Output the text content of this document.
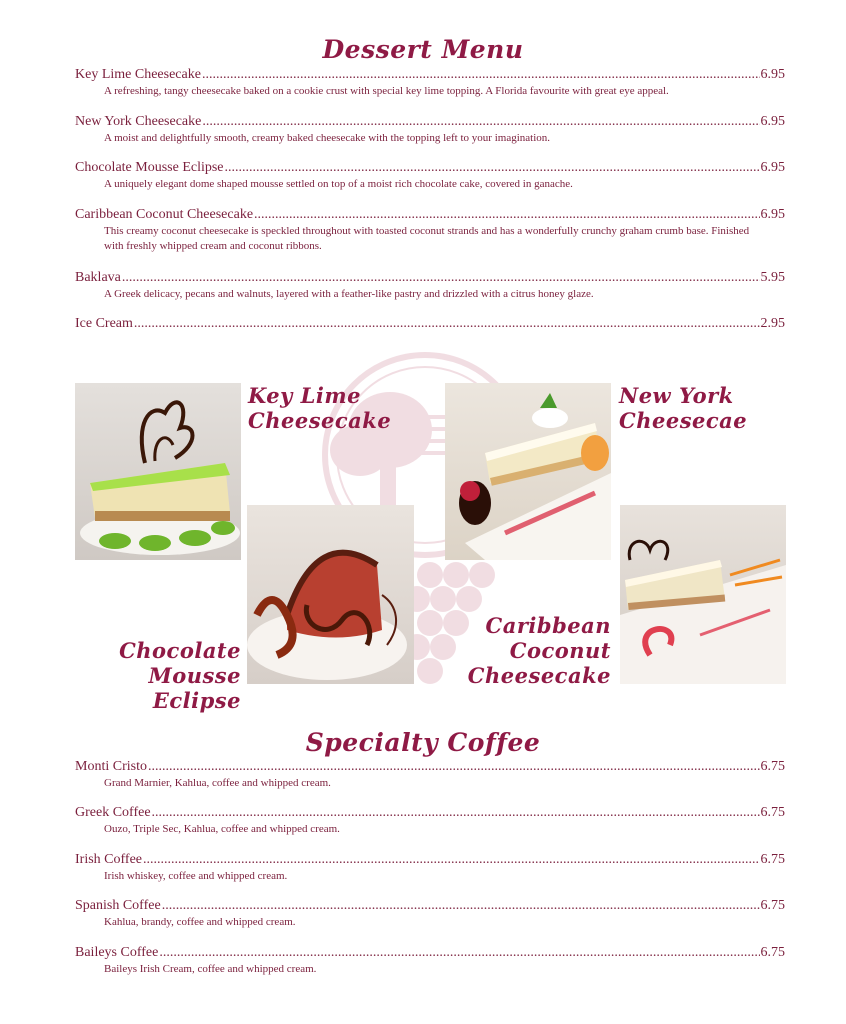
Dessert Menu
Key Lime Cheesecake .....	6.95
A refreshing, tangy cheesecake baked on a cookie crust with special key lime topping. A Florida favourite with great eye appeal.
New York Cheesecake .....	6.95
A moist and delightfully smooth, creamy baked cheesecake with the topping left to your imagination.
Chocolate Mousse Eclipse .....	6.95
A uniquely elegant dome shaped mousse settled on top of a moist rich chocolate cake, covered in ganache.
Caribbean Coconut Cheesecake .....	6.95
This creamy coconut cheesecake is speckled throughout with toasted coconut strands and has a wonderfully crunchy graham crumb base. Finished with freshly whipped cream and coconut ribbons.
Baklava .....	5.95
A Greek delicacy, pecans and walnuts, layered with a feather-like pastry and drizzled with a citrus honey glaze.
Ice Cream .....	2.95
Key Lime
Cheesecake
New York
Cheesecae
Chocolate
Mousse Eclipse
Caribbean
Coconut
Cheesecake
Specialty Coffee
Monti Cristo .....	6.75
Grand Marnier, Kahlua, coffee and whipped cream.
Greek Coffee .....	6.75
Ouzo, Triple Sec, Kahlua, coffee and whipped cream.
Irish Coffee .....	6.75
Irish whiskey, coffee and whipped cream.
Spanish Coffee .....	6.75
Kahlua, brandy, coffee and whipped cream.
Baileys Coffee .....	6.75
Baileys Irish Cream, coffee and whipped cream.
